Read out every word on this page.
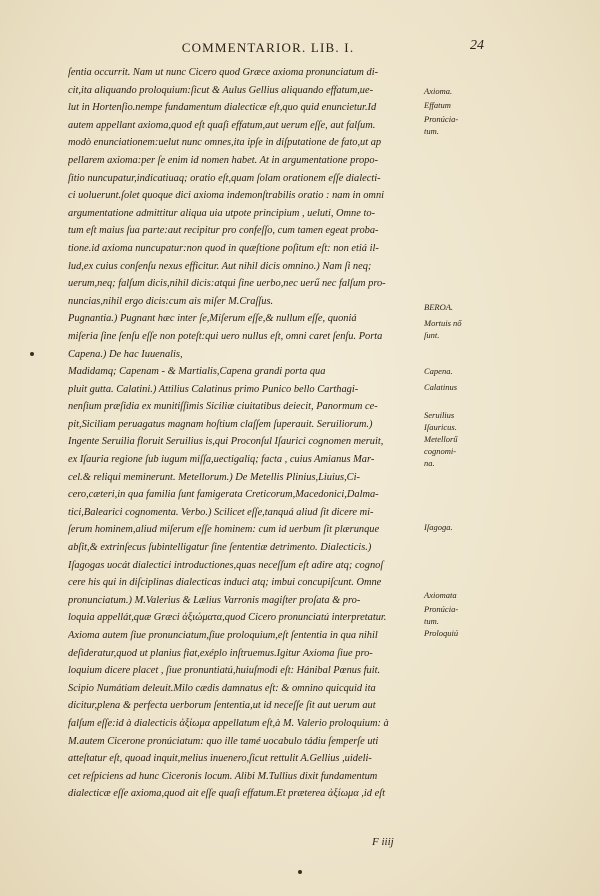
COMMENTARIOR. LIB. I.	24
ſentia occurrit. Nam ut nunc Cicero quod Græce axioma pronunciatum di-
cit,ita aliquando proloquium:ſicut & Aulus Gellius aliquando effatum,ue-
lut in Hortenſio.nempe fundamentum dialecticæ eſt,quo quid enuncietur.Id
autem appellant axioma,quod eſt quaſi effatum,aut uerum eſſe, aut falſum.
modò enunciationem:uelut nunc omnes,ita ipſe in diſputatione de fato,ut ap
pellarem axioma:per ſe enim id nomen habet. At in argumentatione propo-
ſitio nuncupatur,indicatiuaq; oratio eſt,quam ſolam orationem eſſe dialecti-
ci uoluerunt.ſolet quoque dici axioma indemonſtrabilis oratio : nam in omni
argumentatione admittitur aliqua uia utpote principium , ueluti, Omne to-
tum eſt maius ſua parte:aut recipitur pro confeſſo, cum tamen egeat proba-
tione.id axioma nuncupatur:non quod in quæſtione poſitum eſt: non etiá il-
lud,ex cuius conſenſu nexus efficitur. Aut nihil dicis omnino.) Nam ſi neq;
uerum,neq; falſum dicis,nihil dicis:atqui ſine uerbo,nec uerű nec falſum pro-
nuncias,nihil ergo dicis:cum ais miſer M.Craſſus.
Pugnantia.) Pugnant hæc inter ſe,Miſerum eſſe,& nullum eſſe, quoniá
miſeria ſine ſenſu eſſe non poteſt:qui uero nullus eſt, omni caret ſenſu. Porta
Capena.) De hac Iuuenalis,
Madidamq; Capenam - & Martialis,Capena grandi porta qua
pluit gutta. Calatini.) Attilius Calatinus primo Punico bello Carthagi-
nenſium præſidia ex munitiſſimis Siciliæ ciuitatibus deiecit, Panormum ce-
pit,Siciliam peruagatus magnam hoſtium claſſem ſuperauit. Seruiliorum.)
Ingente Seruilia floruit Seruilius is,qui Proconſul Iſaurici cognomen meruit,
ex Iſauria regione ſub iugum miſſa,uectigaliq; facta , cuius Amianus Mar-
cel.& reliqui meminerunt. Metellorum.) De Metellis Plinius,Liuius,Ci-
cero,cæteri,in qua familia ſunt famigerata Creticorum,Macedonici,Dalma-
tici,Balearici cognomenta. Verbo.) Scilicet eſſe,tanquá aliud ſit dicere mi-
ſerum hominem,aliud miſerum eſſe hominem: cum id uerbum ſit plærunque
abſit,& extrinſecus ſubintelligatur ſine ſententiæ detrimento. Dialecticis.)
Iſagogas uocát dialectici introductiones,quas neceſſum eſt adire atq; cognoſ
cere his qui in diſciplinas dialecticas induci atq; imbui concupiſcunt. Omne
pronunciatum.) M.Valerius & Lælius Varronis magiſter proſata & pro-
loquia appellát,quæ Græci ἀξιώματα,quod Cicero pronunciatú interpretatur.
Axioma autem ſiue pronunciatum,ſiue proloquium,eſt ſententia in qua nihil
deſideratur,quod ut planius fiat,exéplo inſtruemus.Igitur Axioma ſiue pro-
loquium dicere placet , ſiue pronuntiatú,huiuſmodi eſt: Hánibal Pœnus fuit.
Scipio Numátiam deleuit.Milo cædis damnatus eſt: & omnino quicquid ita
dicitur,plena & perfecta uerborum ſententia,ut id neceſſe ſit aut uerum aut
falſum eſſe:id à dialecticis ἀξίωμα appellatum eſt,à M. Valerio proloquium: à
M.autem Cicerone pronúciatum: quo ille tamé uocabulo tádiu ſemperſe uti
atteſtatur eſt, quoad inquit,melius inuenero,ſicut rettulit A.Gellius ,uideli-
cet reſpiciens ad hunc Ciceronis locum. Alibi M.Tullius dixit fundamentum
dialecticæ eſſe axioma,quod ait eſſe quaſi effatum.Et præterea ἀξίωμα ,id eſt
Axioma.
Effatum
Pronúcia-
tum.
BEROA.
Mortuis nő
ſunt.
Capena.
Calatinus
Seruilius
Iſauricus.
Metellorű
cognomi-
na.
Iſagoga.
Axiomata
Pronúcia-
tum.
Proloquiú
F iiij
